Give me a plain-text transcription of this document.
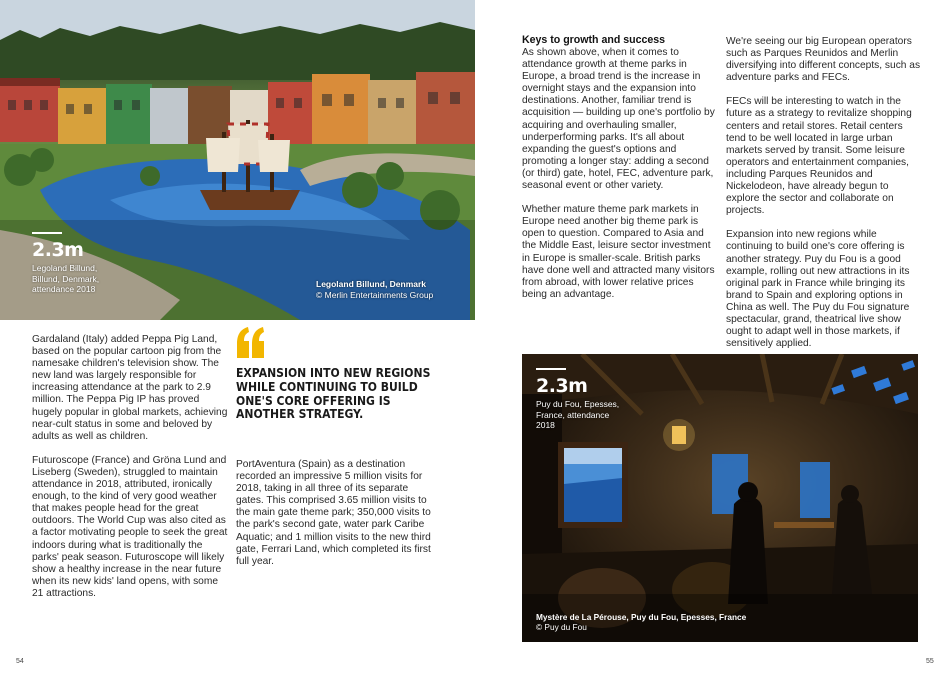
2.3m
Legoland Billund, Billund, Denmark, attendance 2018	Legoland Billund, Denmark
© Merlin Entertainments Group

Gardaland (Italy) added Peppa Pig Land, based on the popular cartoon pig from the namesake children's television show. The new land was largely responsible for increasing attendance at the park to 2.9 million. The Peppa Pig IP has proved hugely popular in global markets, achieving near-cult status in some and beloved by adults as well as children.

Futuroscope (France) and Gröna Lund and Liseberg (Sweden), struggled to maintain attendance in 2018, attributed, ironically enough, to the kind of very good weather that makes people head for the great outdoors. The World Cup was also cited as a factor motivating people to seek the great indoors during what is traditionally the parks' peak season. Futuroscope will likely show a healthy increase in the near future when its new kids' land opens, with some 21 attractions.

EXPANSION INTO NEW REGIONS WHILE CONTINUING TO BUILD ONE'S CORE OFFERING IS ANOTHER STRATEGY.

PortAventura (Spain) as a destination recorded an impressive 5 million visits for 2018, taking in all three of its separate gates. This comprised 3.65 million visits to the main gate theme park; 350,000 visits to the park's second gate, water park Caribe Aquatic; and 1 million visits to the new third gate, Ferrari Land, which completed its first full year.

Keys to growth and success

As shown above, when it comes to attendance growth at theme parks in Europe, a broad trend is the increase in overnight stays and the expansion into destinations. Another, familiar trend is acquisition — building up one's portfolio by acquiring and overhauling smaller, underperforming parks. It's all about expanding the guest's options and promoting a longer stay: adding a second (or third) gate, hotel, FEC, adventure park, seasonal event or other variety.

Whether mature theme park markets in Europe need another big theme park is open to question. Compared to Asia and the Middle East, leisure sector investment in Europe is smaller-scale. British parks have done well and attracted many visitors from abroad, with lower relative prices being an advantage.

We're seeing our big European operators such as Parques Reunidos and Merlin diversifying into different concepts, such as adventure parks and FECs.

FECs will be interesting to watch in the future as a strategy to revitalize shopping centers and retail stores. Retail centers tend to be well located in large urban markets served by transit. Some leisure operators and entertainment companies, including Parques Reunidos and Nickelodeon, have already begun to explore the sector and collaborate on projects.

Expansion into new regions while continuing to build one's core offering is another strategy. Puy du Fou is a good example, rolling out new attractions in its original park in France while bringing its brand to Spain and exploring options in China as well. The Puy du Fou signature spectacular, grand, theatrical live show ought to adapt well in those markets, if sensitively applied.

2.3m
Puy du Fou, Epesses, France, attendance 2018
Mystère de La Pérouse, Puy du Fou, Epesses, France
© Puy du Fou
54	55
